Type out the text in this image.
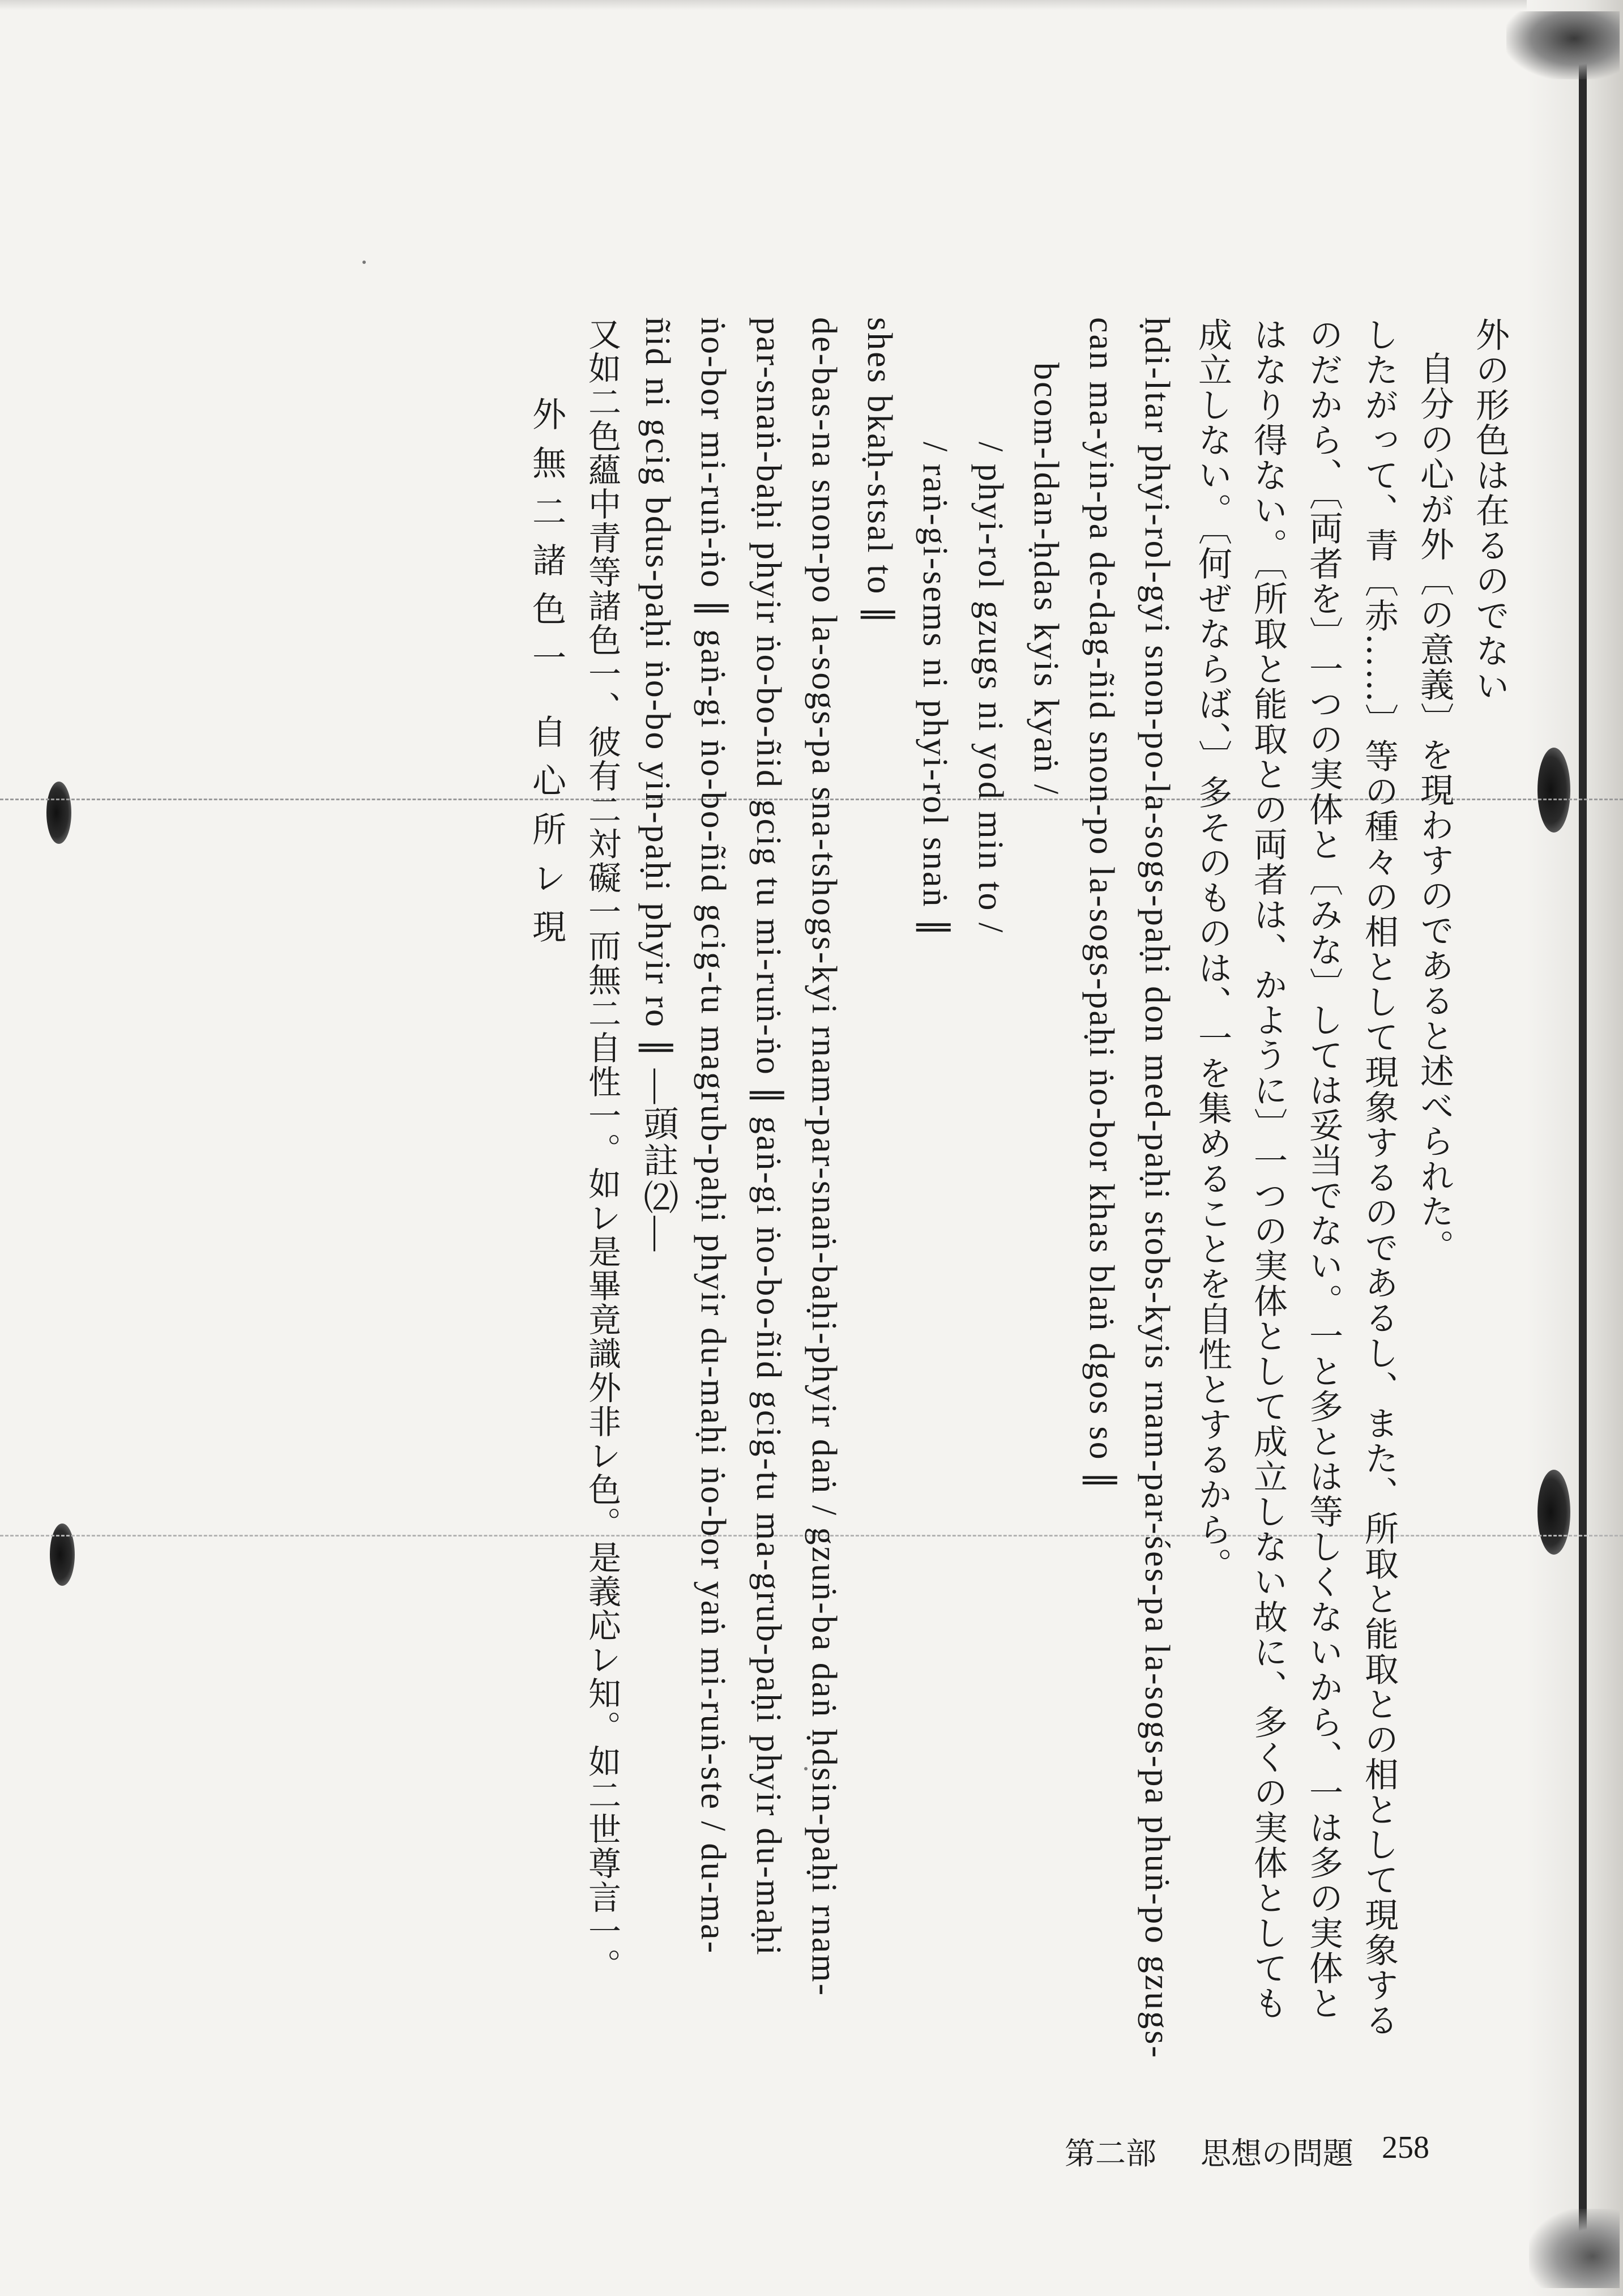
外の形色は在るのでない
自分の心が外〔の意義〕を現わすのであると述べられた。
したがって、青〔赤……〕等の種々の相として現象するのであるし、また、所取と能取との相として現象する
のだから、〔両者を〕一つの実体と〔みな〕しては妥当でない。一と多とは等しくないから、一は多の実体と
はなり得ない。〔所取と能取との両者は、かように〕一つの実体として成立しない故に、多くの実体としても
成立しない。〔何ぜならば、〕多そのものは、一を集めることを自性とするから。
ḥdi-ltar phyi-rol-gyi snon-po-la-sogs-paḥi don med-paḥi stobs-kyis rnam-par-śes-pa la-sogs-pa phuṅ-po gzugs-
can ma-yin-pa de-dag-ñid snon-po la-sogs-paḥi ṅo-bor khas blaṅ dgos so ∥
bcom-ldan-ḥdas kyis kyaṅ /
/ phyi-rol gzugs ni yod min to /
/ raṅ-gi-sems ni phyi-rol snaṅ ∥
shes bkaḥ-stsal to ∥
de-bas-na snon-po la-sogs-pa sna-tshogs-kyi rnam-par-snaṅ-baḥi-phyir daṅ / gzuṅ-ba daṅ ḥdsin-paḥi rnam-
par-snaṅ-baḥi phyir ṅo-bo-ñid gcig tu mi-ruṅ-ṅo ∥ gaṅ-gi ṅo-bo-ñid gcig-tu ma-grub-paḥi phyir du-maḥi
ṅo-bor mi-ruṅ-ṅo ∥ gaṅ-gi ṅo-bo-ñid gcig-tu magrub-paḥi phyir du-maḥi ṅo-bor yaṅ mi-ruṅ-ste / du-ma-
ñid ni gcig bdus-paḥi ṅo-bo yin-paḥi phyir ro ∥ —頭註⑵—
又如二色蘊中青等諸色一、彼有二対礙一而無二自性一。如レ是畢竟識外非レ色。是義応レ知。如二世尊言一。
外無二諸色一 自心所レ現
第二部 思想の問題 258
